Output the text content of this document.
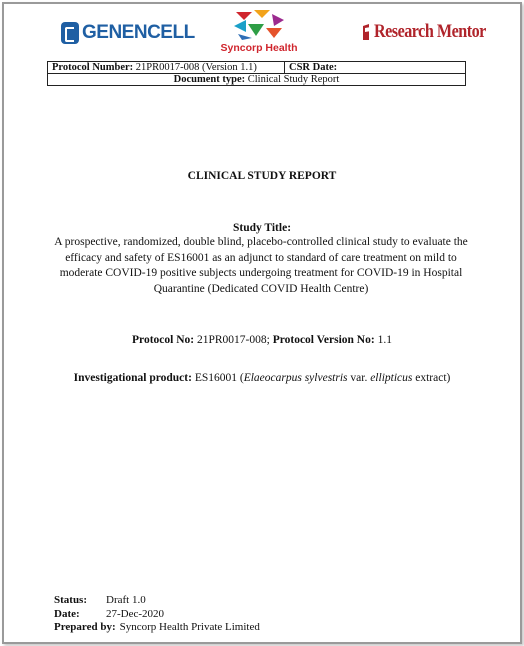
GENENCELL
Syncorp Health
Research Mentor
Protocol Number: 21PR0017-008 (Version 1.1)	CSR Date:
Document type: Clinical Study Report
CLINICAL STUDY REPORT
Study Title:
A prospective, randomized, double blind, placebo-controlled clinical study to evaluate the efficacy and safety of ES16001 as an adjunct to standard of care treatment on mild to moderate COVID-19 positive subjects undergoing treatment for COVID-19 in Hospital Quarantine (Dedicated COVID Health Centre)
Protocol No: 21PR0017-008; Protocol Version No: 1.1
Investigational product: ES16001 (Elaeocarpus sylvestris var. ellipticus extract)
Status:	Draft 1.0
Date:	27-Dec-2020
Prepared by: Syncorp Health Private Limited
